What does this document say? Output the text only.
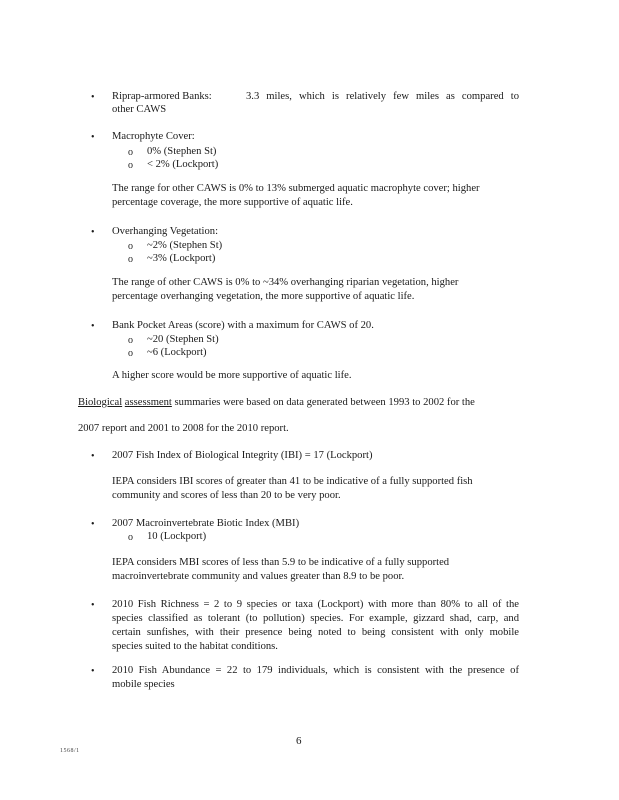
• Riprap-armored Banks:	3.3 miles, which is relatively few miles as compared to
other CAWS
• Macrophyte Cover:
o 0% (Stephen St)
o < 2% (Lockport)
The range for other CAWS is 0% to 13% submerged aquatic macrophyte cover; higher
percentage coverage, the more supportive of aquatic life.
• Overhanging Vegetation:
o ~2% (Stephen St)
o ~3% (Lockport)
The range of other CAWS is 0% to ~34% overhanging riparian vegetation, higher
percentage overhanging vegetation, the more supportive of aquatic life.
• Bank Pocket Areas (score) with a maximum for CAWS of 20.
o ~20 (Stephen St)
o ~6 (Lockport)
A higher score would be more supportive of aquatic life.
Biological assessment summaries were based on data generated between 1993 to 2002 for the
2007 report and 2001 to 2008 for the 2010 report.
• 2007 Fish Index of Biological Integrity (IBI) = 17 (Lockport)
IEPA considers IBI scores of greater than 41 to be indicative of a fully supported fish
community and scores of less than 20 to be very poor.
• 2007 Macroinvertebrate Biotic Index (MBI)
o 10 (Lockport)
IEPA considers MBI scores of less than 5.9 to be indicative of a fully supported
macroinvertebrate community and values greater than 8.9 to be poor.
• 2010 Fish Richness = 2 to 9 species or taxa (Lockport) with more than 80% to all of the
species classified as tolerant (to pollution) species. For example, gizzard shad, carp, and
certain sunfishes, with their presence being noted to being consistent with only mobile
species suited to the habitat conditions.
• 2010 Fish Abundance = 22 to 179 individuals, which is consistent with the presence of
mobile species
6
1568/1
